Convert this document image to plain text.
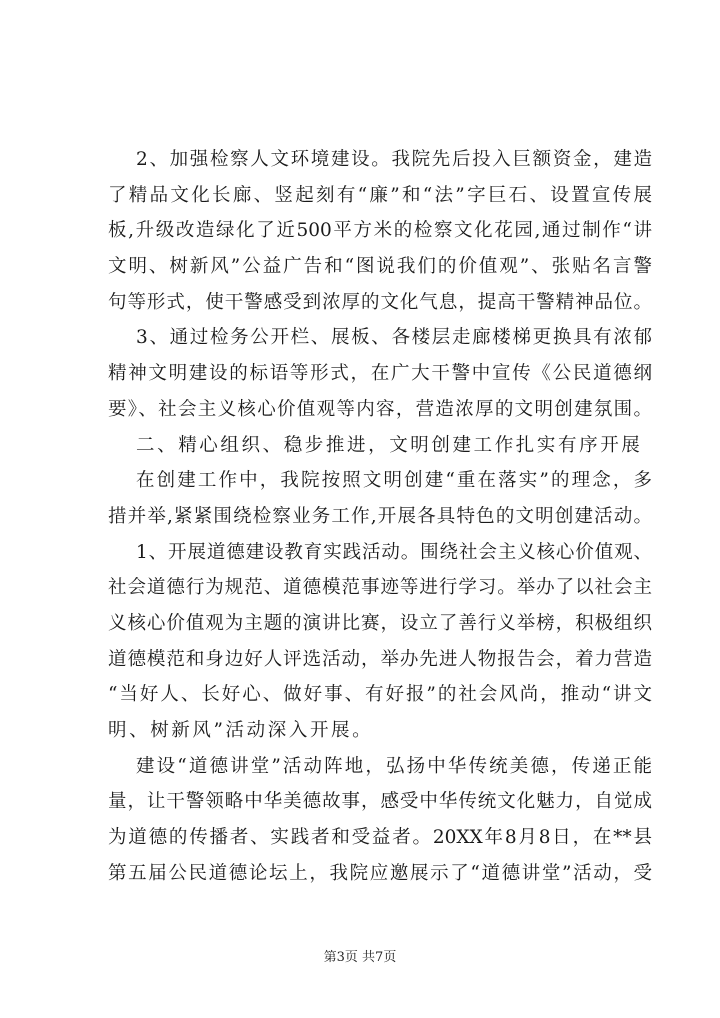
2、加强检察人文环境建设。我院先后投入巨额资金，建造
了精品文化长廊、竖起刻有“廉”和“法”字巨石、设置宣传展
板,升级改造绿化了近500平方米的检察文化花园,通过制作“讲
文明、树新风”公益广告和“图说我们的价值观”、张贴名言警
句等形式，使干警感受到浓厚的文化气息，提高干警精神品位。
3、通过检务公开栏、展板、各楼层走廊楼梯更换具有浓郁
精神文明建设的标语等形式，在广大干警中宣传《公民道德纲
要》、社会主义核心价值观等内容，营造浓厚的文明创建氛围。
二、精心组织、稳步推进，文明创建工作扎实有序开展
在创建工作中，我院按照文明创建“重在落实”的理念，多
措并举,紧紧围绕检察业务工作,开展各具特色的文明创建活动。
1、开展道德建设教育实践活动。围绕社会主义核心价值观、
社会道德行为规范、道德模范事迹等进行学习。举办了以社会主
义核心价值观为主题的演讲比赛，设立了善行义举榜，积极组织
道德模范和身边好人评选活动，举办先进人物报告会，着力营造
“当好人、长好心、做好事、有好报”的社会风尚，推动“讲文
明、树新风”活动深入开展。
建设“道德讲堂”活动阵地，弘扬中华传统美德，传递正能
量，让干警领略中华美德故事，感受中华传统文化魅力，自觉成
为道德的传播者、实践者和受益者。20XX年8月8日，在**县
第五届公民道德论坛上，我院应邀展示了“道德讲堂”活动，受
第3页 共7页
